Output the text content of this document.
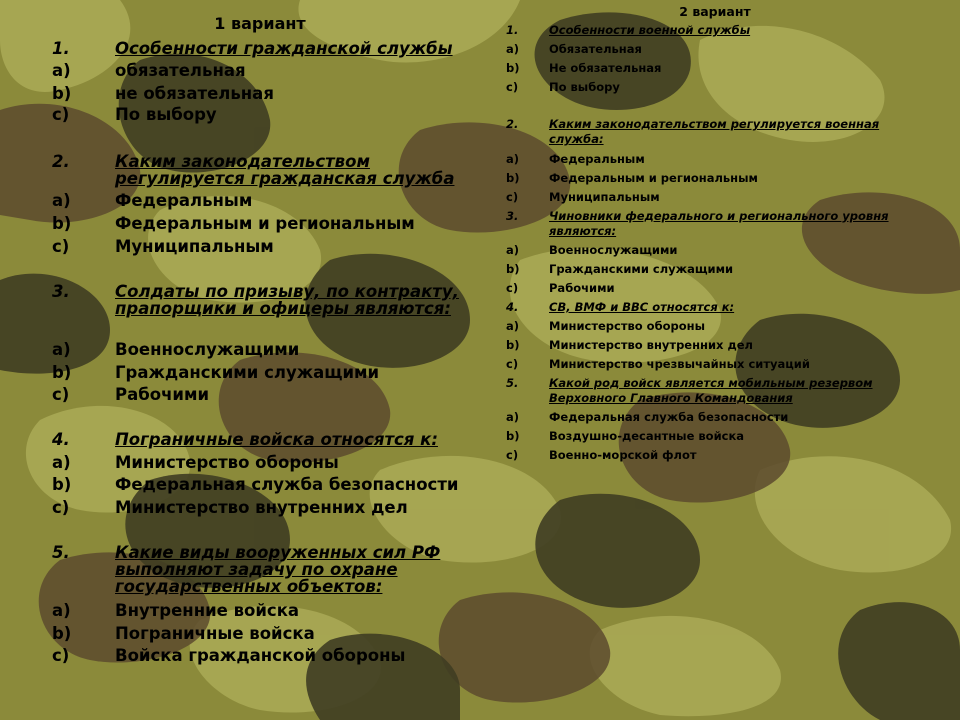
1 вариант
1.	Особенности гражданской службы
a)	обязательная
b)	не обязательная
c)	По выбору
2.	Каким законодательством регулируется гражданская служба
a)	Федеральным
b)	Федеральным и региональным
c)	Муниципальным
3.	Солдаты по призыву, по контракту, прапорщики и офицеры являются:
a)	Военнослужащими
b)	Гражданскими служащими
c)	Рабочими
4.	Пограничные войска относятся к:
a)	Министерство обороны
b)	Федеральная служба безопасности
c)	Министерство внутренних дел
5.	Какие виды вооруженных сил РФ выполняют задачу по охране государственных объектов:
a)	Внутренние войска
b)	Пограничные войска
c)	Войска гражданской обороны
2 вариант
1.	Особенности военной службы
a)	Обязательная
b)	Не обязательная
c)	По выбору
2.	Каким законодательством регулируется военная служба:
a)	Федеральным
b)	Федеральным и региональным
c)	Муниципальным
3.	Чиновники федерального и регионального уровня являются:
a)	Военнослужащими
b)	Гражданскими служащими
c)	Рабочими
4.	СВ, ВМФ и ВВС относятся к:
a)	Министерство обороны
b)	Министерство внутренних дел
c)	Министерство чрезвычайных ситуаций
5.	Какой род войск является мобильным резервом Верховного Главного Командования
a)	Федеральная служба безопасности
b)	Воздушно-десантные войска
c)	Военно-морской флот
